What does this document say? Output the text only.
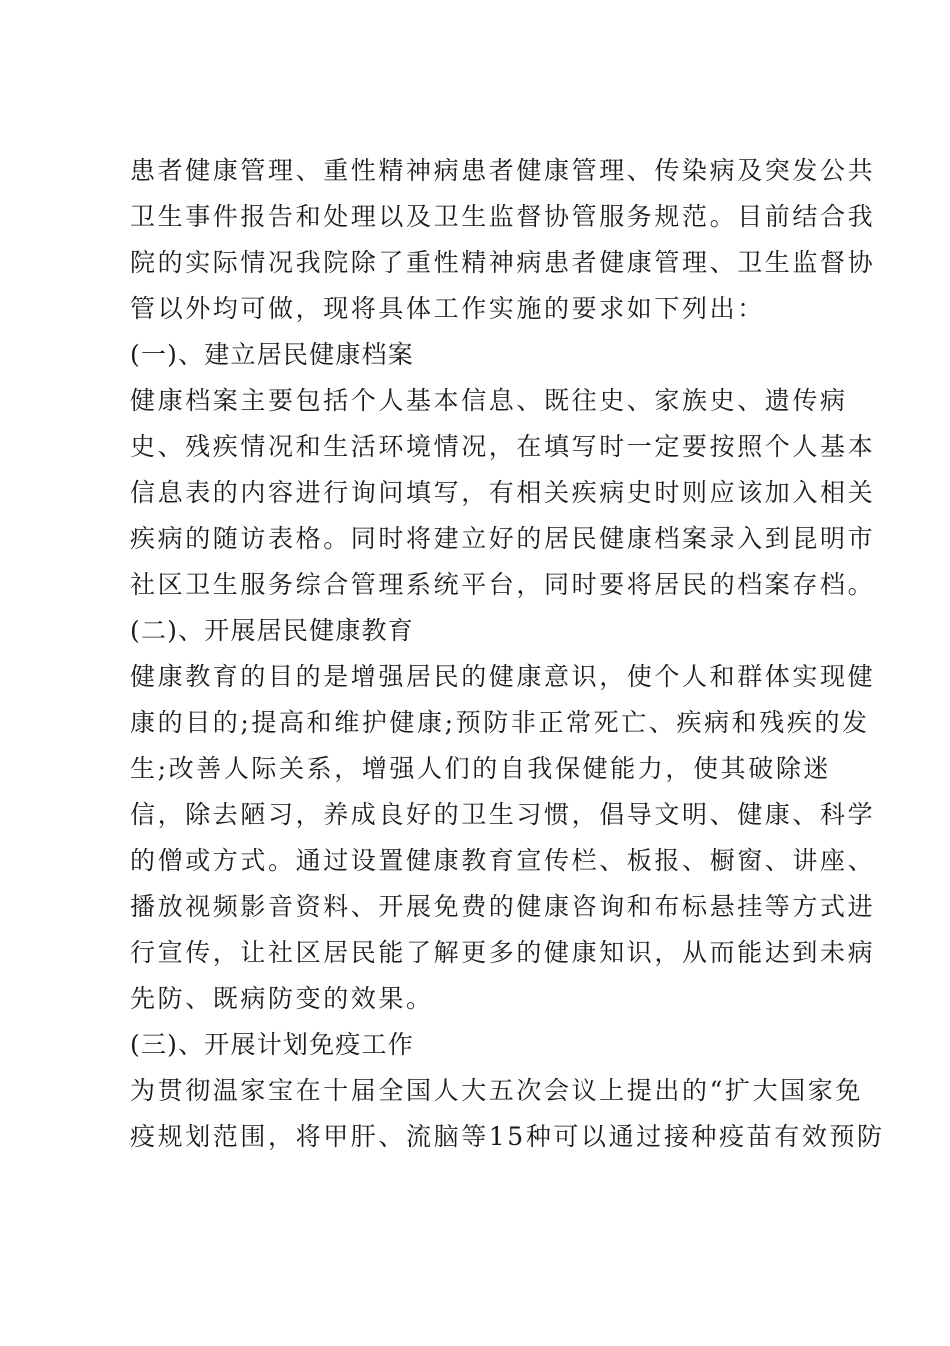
患者健康管理、重性精神病患者健康管理、传染病及突发公共
卫生事件报告和处理以及卫生监督协管服务规范。目前结合我
院的实际情况我院除了重性精神病患者健康管理、卫生监督协
管以外均可做，现将具体工作实施的要求如下列出：
(一)、建立居民健康档案
健康档案主要包括个人基本信息、既往史、家族史、遗传病
史、残疾情况和生活环境情况，在填写时一定要按照个人基本
信息表的内容进行询问填写，有相关疾病史时则应该加入相关
疾病的随访表格。同时将建立好的居民健康档案录入到昆明市
社区卫生服务综合管理系统平台，同时要将居民的档案存档。
(二)、开展居民健康教育
健康教育的目的是增强居民的健康意识，使个人和群体实现健
康的目的;提高和维护健康;预防非正常死亡、疾病和残疾的发
生;改善人际关系，增强人们的自我保健能力，使其破除迷
信，除去陋习，养成良好的卫生习惯，倡导文明、健康、科学
的僧或方式。通过设置健康教育宣传栏、板报、橱窗、讲座、
播放视频影音资料、开展免费的健康咨询和布标悬挂等方式进
行宣传，让社区居民能了解更多的健康知识，从而能达到未病
先防、既病防变的效果。
(三)、开展计划免疫工作
为贯彻温家宝在十届全国人大五次会议上提出的“扩大国家免
疫规划范围，将甲肝、流脑等15种可以通过接种疫苗有效预防
